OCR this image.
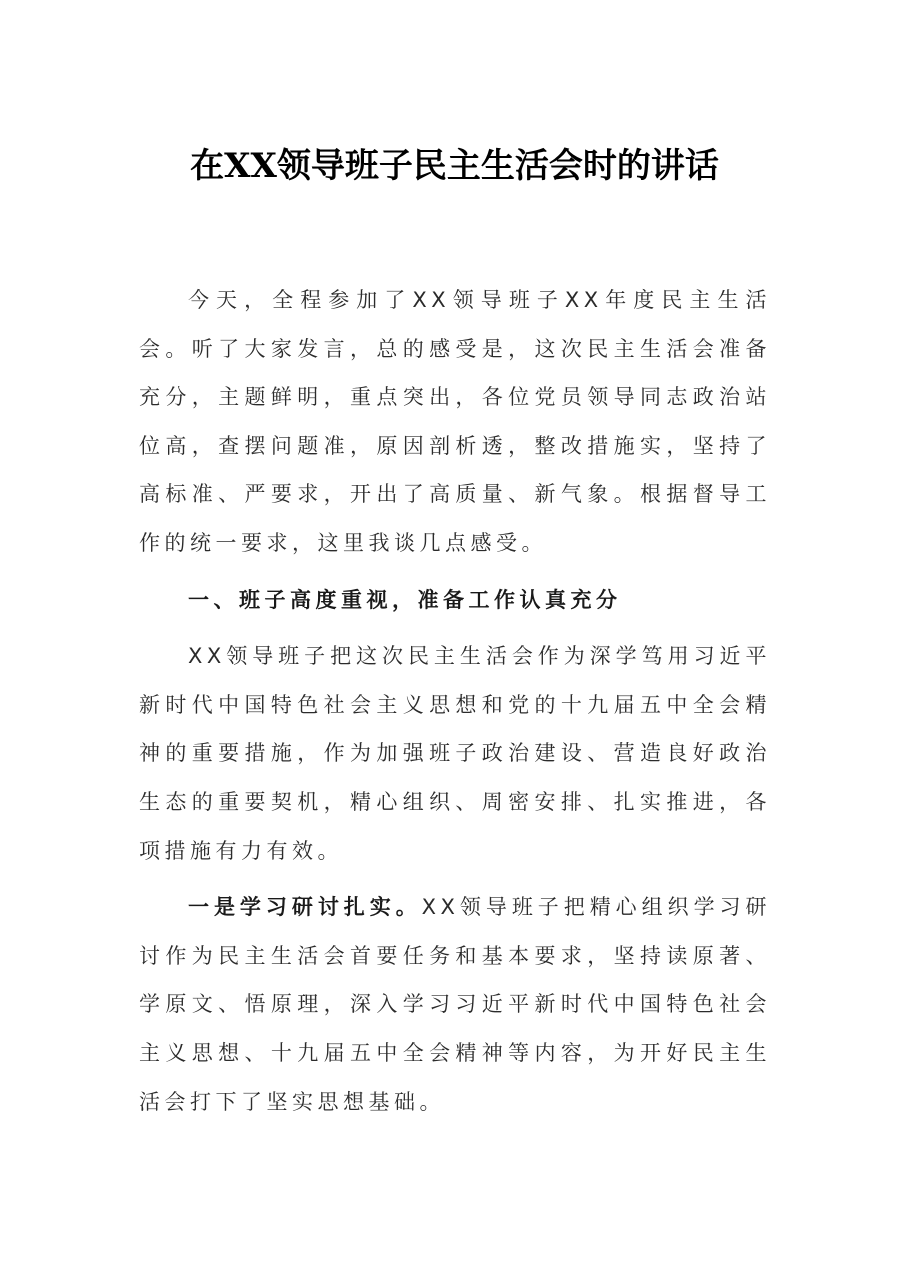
在XX领导班子民主生活会时的讲话

今天，全程参加了XX领导班子XX年度民主生活会。听了大家发言，总的感受是，这次民主生活会准备充分，主题鲜明，重点突出，各位党员领导同志政治站位高，查摆问题准，原因剖析透，整改措施实，坚持了高标准、严要求，开出了高质量、新气象。根据督导工作的统一要求，这里我谈几点感受。

一、班子高度重视，准备工作认真充分

XX领导班子把这次民主生活会作为深学笃用习近平新时代中国特色社会主义思想和党的十九届五中全会精神的重要措施，作为加强班子政治建设、营造良好政治生态的重要契机，精心组织、周密安排、扎实推进，各项措施有力有效。

一是学习研讨扎实。XX领导班子把精心组织学习研讨作为民主生活会首要任务和基本要求，坚持读原著、学原文、悟原理，深入学习习近平新时代中国特色社会主义思想、十九届五中全会精神等内容，为开好民主生活会打下了坚实思想基础。
